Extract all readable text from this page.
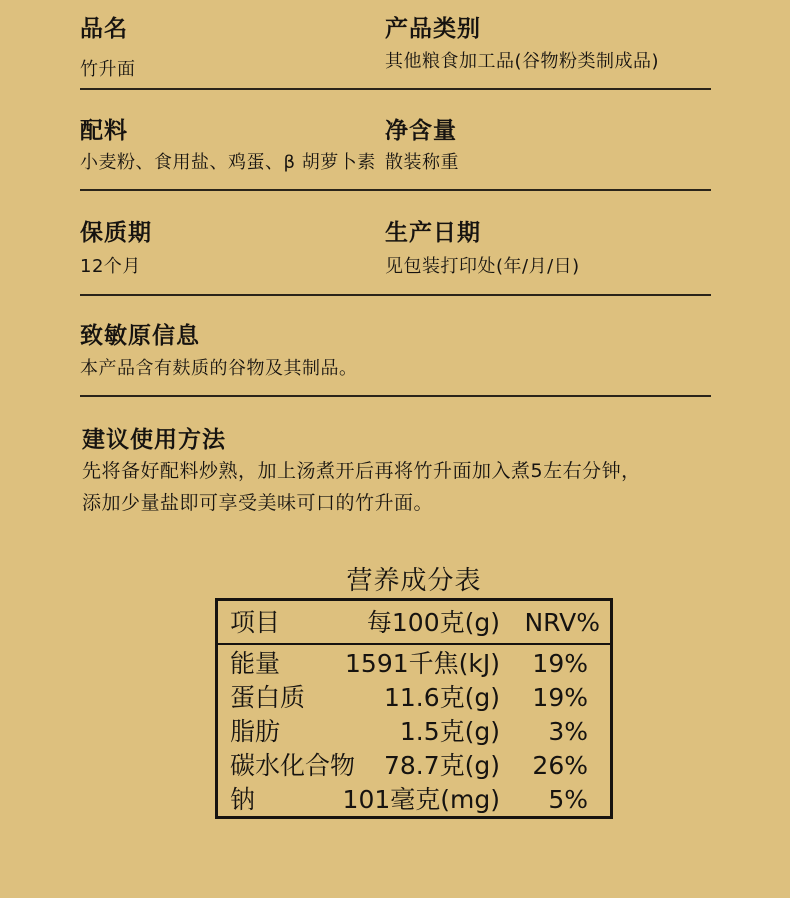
品名
竹升面
产品类别
其他粮食加工品(谷物粉类制成品)
配料
小麦粉、食用盐、鸡蛋、β 胡萝卜素
净含量
散装称重
保质期
12个月
生产日期
见包装打印处(年/月/日)
致敏原信息
本产品含有麸质的谷物及其制品。
建议使用方法
先将备好配料炒熟，加上汤煮开后再将竹升面加入煮5左右分钟，
添加少量盐即可享受美味可口的竹升面。
营养成分表
项目	每100克(g) NRV%
能量	1591千焦(kJ) 19%
蛋白质	11.6克(g) 19%
脂肪	1.5克(g) 3%
碳水化合物 78.7克(g) 26%
钠	101毫克(mg) 5%
